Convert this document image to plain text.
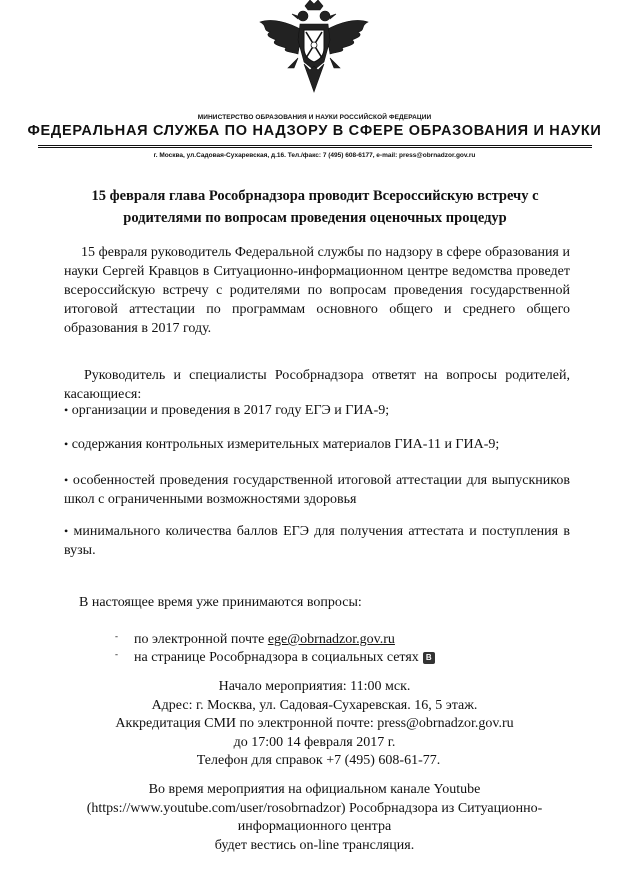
МИНИСТЕРСТВО ОБРАЗОВАНИЯ И НАУКИ РОССИЙСКОЙ ФЕДЕРАЦИИ
ФЕДЕРАЛЬНАЯ СЛУЖБА ПО НАДЗОРУ В СФЕРЕ ОБРАЗОВАНИЯ И НАУКИ
г. Москва, ул.Садовая-Сухаревская, д.16. Тел./факс: 7 (495) 608-6177, e-mail: press@obrnadzor.gov.ru
15 февраля глава Рособрнадзора проводит Всероссийскую встречу с
родителями по вопросам проведения оценочных процедур
15 февраля руководитель Федеральной службы по надзору в сфере образования и науки Сергей Кравцов в Ситуационно-информационном центре ведомства проведет всероссийскую встречу с родителями по вопросам проведения государственной итоговой аттестации по программам основного общего и среднего общего образования в 2017 году.
Руководитель и специалисты Рособрнадзора ответят на вопросы родителей, касающиеся:
• организации и проведения в 2017 году ЕГЭ и ГИА-9;
• содержания контрольных измерительных материалов ГИА-11 и ГИА-9;
• особенностей проведения государственной итоговой аттестации для выпускников школ с ограниченными возможностями здоровья
• минимального количества баллов ЕГЭ для получения аттестата и поступления в вузы.
В настоящее время уже принимаются вопросы:
- по электронной почте ege@obrnadzor.gov.ru
- на странице Рособрнадзора в социальных сетях В
Начало мероприятия: 11:00 мск.
Адрес: г. Москва, ул. Садовая-Сухаревская. 16, 5 этаж.
Аккредитация СМИ по электронной почте: press@obrnadzor.gov.ru
до 17:00 14 февраля 2017 г.
Телефон для справок +7 (495) 608-61-77.
Во время мероприятия на официальном канале Youtube
(https://www.youtube.com/user/rosobrnadzor) Рособрнадзора из Ситуационно-
информационного центра
будет вестись on-line трансляция.
